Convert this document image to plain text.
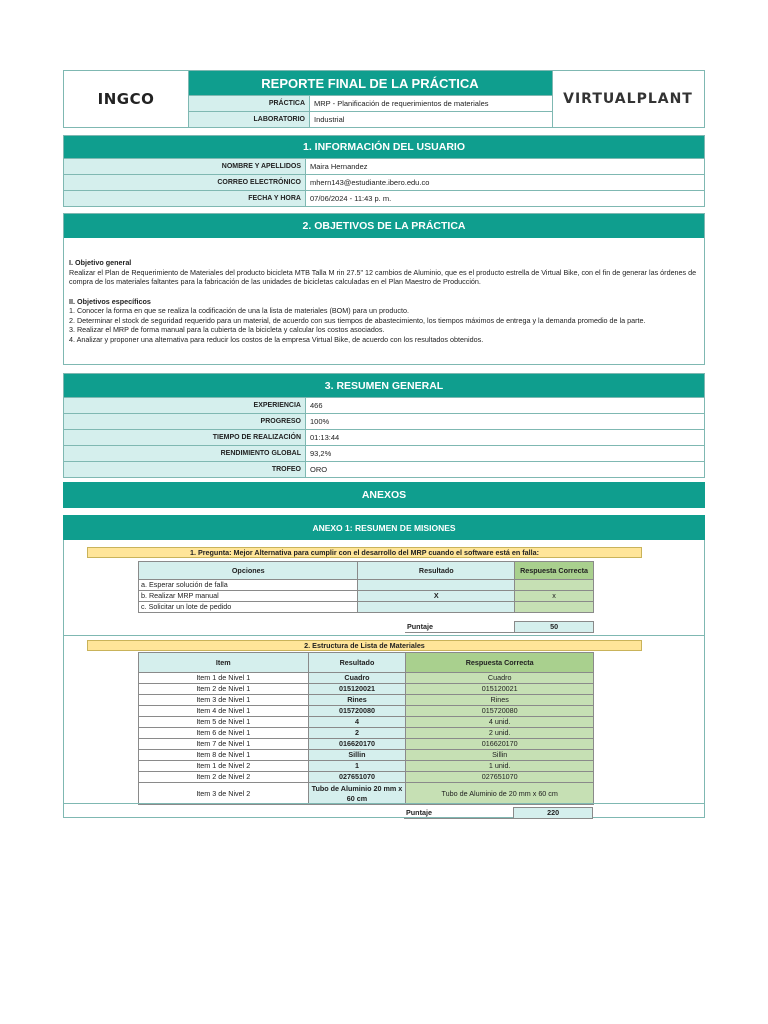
INGCO
REPORTE FINAL DE LA PRÁCTICA
PRÁCTICA	MRP - Planificación de requerimientos de materiales
LABORATORIO	Industrial
VIRTUALPLANT
1. INFORMACIÓN DEL USUARIO
NOMBRE Y APELLIDOS	Maira Hernandez
CORREO ELECTRÓNICO	mhern143@estudiante.ibero.edu.co
FECHA Y HORA	07/06/2024 - 11:43 p. m.
2. OBJETIVOS DE LA PRÁCTICA
I. Objetivo general
Realizar el Plan de Requerimiento de Materiales del producto bicicleta MTB Talla M rin 27.5" 12 cambios de Aluminio, que es el producto estrella de Virtual Bike, con el fin de generar las órdenes de compra de los materiales faltantes para la fabricación de las unidades de bicicletas calculadas en el Plan Maestro de Producción.
II. Objetivos específicos
1. Conocer la forma en que se realiza la codificación de una la lista de materiales (BOM) para un producto.
2. Determinar el stock de seguridad requerido para un material, de acuerdo con sus tiempos de abastecimiento, los tiempos máximos de entrega y la demanda promedio de la parte.
3. Realizar el MRP de forma manual para la cubierta de la bicicleta y calcular los costos asociados.
4. Analizar y proponer una alternativa para reducir los costos de la empresa Virtual Bike, de acuerdo con los resultados obtenidos.
3. RESUMEN GENERAL
EXPERIENCIA	466
PROGRESO	100%
TIEMPO DE REALIZACIÓN	01:13:44
RENDIMIENTO GLOBAL	93,2%
TROFEO	ORO
ANEXOS
ANEXO 1: RESUMEN DE MISIONES
1. Pregunta: Mejor Alternativa para cumplir con el desarrollo del MRP cuando el software está en falla:
Opciones	Resultado	Respuesta Correcta
a. Esperar solución de falla		
b. Realizar MRP manual	X	x
c. Solicitar un lote de pedido		
Puntaje	50
2. Estructura de Lista de Materiales
Item	Resultado	Respuesta Correcta
Item 1 de Nivel 1	Cuadro	Cuadro
Item 2 de Nivel 1	015120021	015120021
Item 3 de Nivel 1	Rines	Rines
Item 4 de Nivel 1	015720080	015720080
Item 5 de Nivel 1	4	4 unid.
Item 6 de Nivel 1	2	2 unid.
Item 7 de Nivel 1	016620170	016620170
Item 8 de Nivel 1	Sillin	Sillin
Item 1 de Nivel 2	1	1 unid.
Item 2 de Nivel 2	027651070	027651070
Item 3 de Nivel 2	Tubo de Aluminio 20 mm x 60 cm	Tubo de Aluminio de 20 mm x 60 cm
Puntaje	220
